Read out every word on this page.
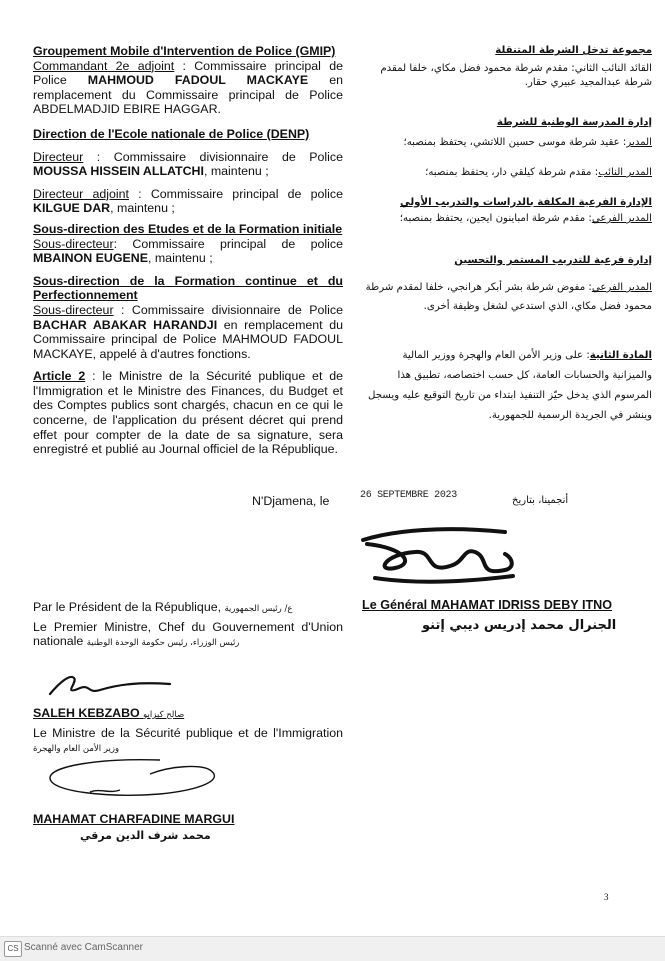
Groupement Mobile d'Intervention de Police (GMIP)
Commandant 2e adjoint : Commissaire principal de Police MAHMOUD FADOUL MACKAYE en remplacement du Commissaire principal de Police ABDELMADJID EBIRE HAGGAR.
Direction de l'Ecole nationale de Police (DENP)
Directeur : Commissaire divisionnaire de Police MOUSSA HISSEIN ALLATCHI, maintenu ;
Directeur adjoint : Commissaire principal de police KILGUE DAR, maintenu ;
Sous-direction des Etudes et de la Formation initiale
Sous-directeur: Commissaire principal de police MBAINON EUGENE, maintenu ;
Sous-direction de la Formation continue et du Perfectionnement
Sous-directeur : Commissaire divisionnaire de Police BACHAR ABAKAR HARANDJI en remplacement du Commissaire principal de Police MAHMOUD FADOUL MACKAYE, appelé à d'autres fonctions.
Article 2 : le Ministre de la Sécurité publique et de l'Immigration et le Ministre des Finances, du Budget et des Comptes publics sont chargés, chacun en ce qui le concerne, de l'application du présent décret qui prend effet pour compter de la date de sa signature, sera enregistré et publié au Journal officiel de la République.
N'Djamena, le
مجموعة تدخل الشرطة المتنقلة
القائد النائب الثاني: مقدم شرطة محمود فضل مكاي، خلفا لمقدم شرطة عبدالمجيد عبيري حقار.
إدارة المدرسة الوطنية للشرطة
المدير: عقيد شرطة موسى حسين اللاتشي، يحتفظ بمنصبه؛
المدير النائب: مقدم شرطة كيلقي دار، يحتفظ بمنصبه؛
الإدارة الفرعية المكلفة بالدراسات والتدريب الأولي
المدير الفرعي: مقدم شرطة امباينون ايجين، يحتفظ بمنصبه؛
إدارة فرعية للتدريب المستمر والتحسين
المدير الفرعي: مفوض شرطة بشر أبكر هرانجي، خلفا لمقدم شرطة محمود فضل مكاي، الذي استدعي لشغل وظيفة أخرى.
المادة الثانية: على وزير الأمن العام والهجرة ووزير المالية والميزانية والحسابات العامة، كل حسب اختصاصه، تطبيق هذا المرسوم الذي يدخل حيّز التنفيذ ابتداء من تاريخ التوقيع عليه ويسجل وينشر في الجريدة الرسمية للجمهورية.
أنجمينا، بتاريخ
26 SEPTEMBRE 2023
Le Général MAHAMAT IDRISS DEBY ITNO
الجنرال محمد إدريس ديبي إتنو
Par le Président de la République, ع/ رئيس الجمهورية
Le Premier Ministre, Chef du Gouvernement d'Union nationale رئيس الوزراء، رئيس حكومة الوحدة الوطنية
SALEH KEBZABO صالح كبزابو
Le Ministre de la Sécurité publique et de l'Immigration وزير الأمن العام والهجرة
MAHAMAT CHARFADINE MARGUI
محمد شرف الدين مرقي
3
CS Scanné avec CamScanner
